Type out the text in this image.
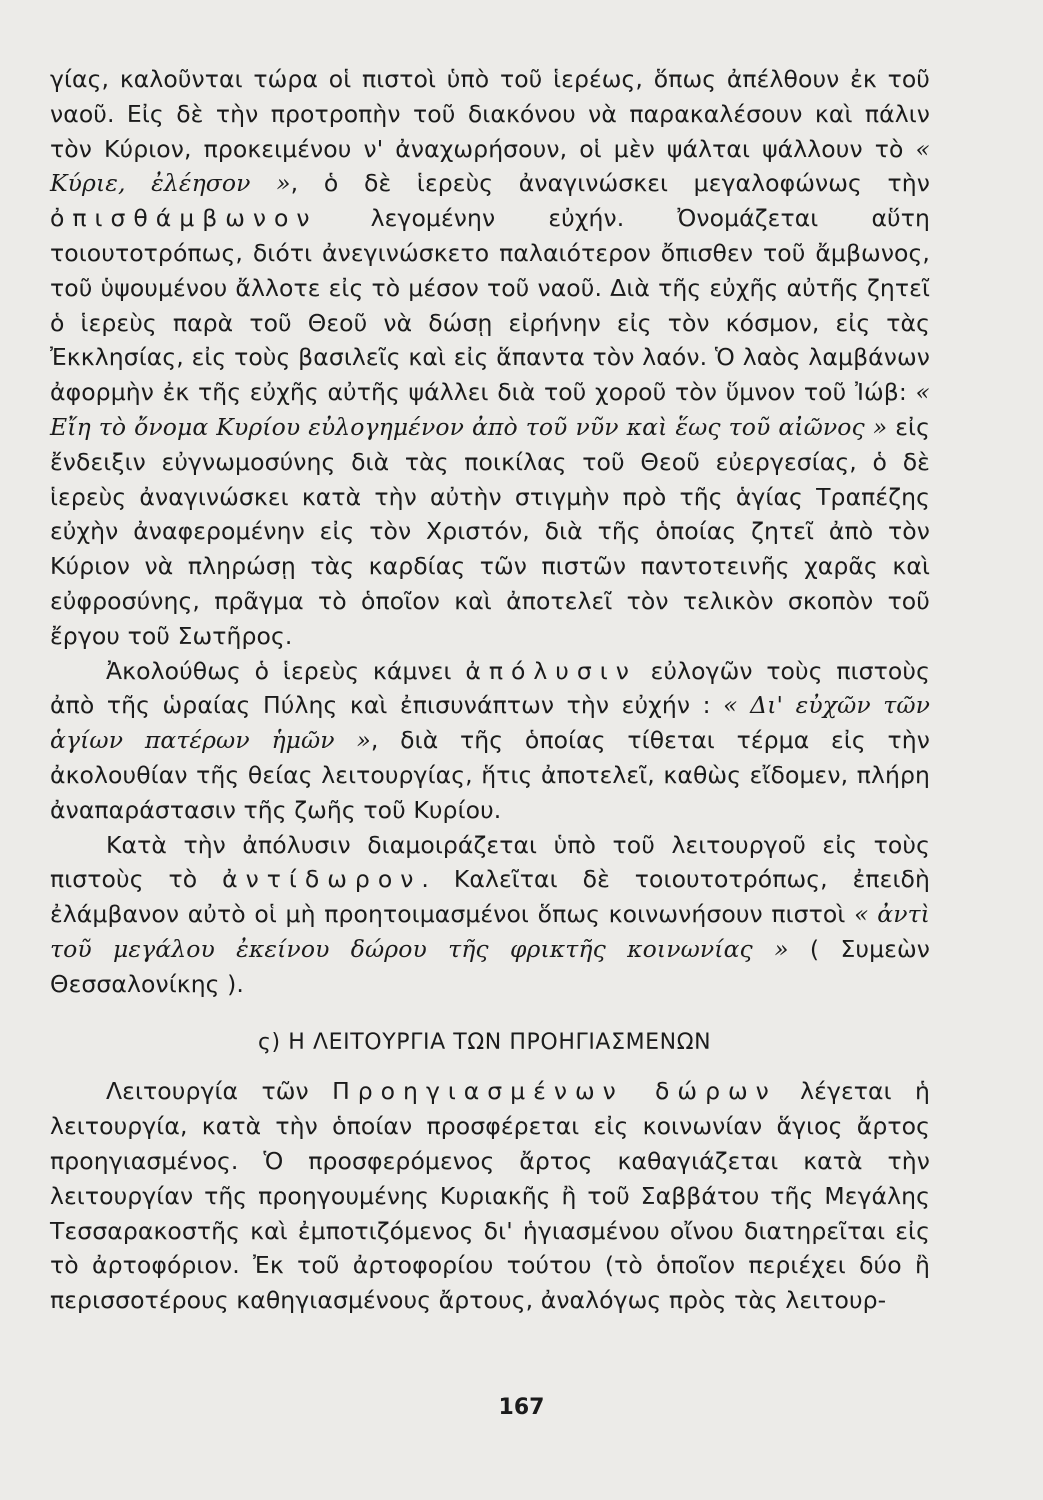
γίας, καλοῦνται τώρα οἱ πιστοὶ ὑπὸ τοῦ ἱερέως, ὅπως ἀπέλθουν ἐκ τοῦ ναοῦ. Εἰς δὲ τὴν προτροπὴν τοῦ διακόνου νὰ παρακαλέσουν καὶ πάλιν τὸν Κύριον, προκειμένου ν' ἀναχωρήσουν, οἱ μὲν ψάλται ψάλλουν τὸ « Κύριε, ἐλέησον », ὁ δὲ ἱερεὺς ἀναγινώσκει μεγαλοφώνως τὴν ὀπισθάμβωνον λεγομένην εὐχήν. Ὀνομάζεται αὕτη τοιουτοτρόπως, διότι ἀνεγινώσκετο παλαιότερον ὄπισθεν τοῦ ἄμβωνος, τοῦ ὑψουμένου ἄλλοτε εἰς τὸ μέσον τοῦ ναοῦ. Διὰ τῆς εὐχῆς αὐτῆς ζητεῖ ὁ ἱερεὺς παρὰ τοῦ Θεοῦ νὰ δώσῃ εἰρήνην εἰς τὸν κόσμον, εἰς τὰς Ἐκκλησίας, εἰς τοὺς βασιλεῖς καὶ εἰς ἅπαντα τὸν λαόν. Ὁ λαὸς λαμβάνων ἀφορμὴν ἐκ τῆς εὐχῆς αὐτῆς ψάλλει διὰ τοῦ χοροῦ τὸν ὕμνον τοῦ Ἰώβ: « Εἴη τὸ ὄνομα Κυρίου εὐλογημένον ἀπὸ τοῦ νῦν καὶ ἕως τοῦ αἰῶνος » εἰς ἔνδειξιν εὐγνωμοσύνης διὰ τὰς ποικίλας τοῦ Θεοῦ εὐεργεσίας, ὁ δὲ ἱερεὺς ἀναγινώσκει κατὰ τὴν αὐτὴν στιγμὴν πρὸ τῆς ἁγίας Τραπέζης εὐχὴν ἀναφερομένην εἰς τὸν Χριστόν, διὰ τῆς ὁποίας ζητεῖ ἀπὸ τὸν Κύριον νὰ πληρώσῃ τὰς καρδίας τῶν πιστῶν παντοτεινῆς χαρᾶς καὶ εὐφροσύνης, πρᾶγμα τὸ ὁποῖον καὶ ἀποτελεῖ τὸν τελικὸν σκοπὸν τοῦ ἔργου τοῦ Σωτῆρος.

Ἀκολούθως ὁ ἱερεὺς κάμνει ἀπόλυσιν εὐλογῶν τοὺς πιστοὺς ἀπὸ τῆς ὡραίας Πύλης καὶ ἐπισυνάπτων τὴν εὐχήν : « Δι' εὐχῶν τῶν ἁγίων πατέρων ἡμῶν », διὰ τῆς ὁποίας τίθεται τέρμα εἰς τὴν ἀκολουθίαν τῆς θείας λειτουργίας, ἥτις ἀποτελεῖ, καθὼς εἴδομεν, πλήρη ἀναπαράστασιν τῆς ζωῆς τοῦ Κυρίου.

Κατὰ τὴν ἀπόλυσιν διαμοιράζεται ὑπὸ τοῦ λειτουργοῦ εἰς τοὺς πιστοὺς τὸ ἀντίδωρον. Καλεῖται δὲ τοιουτοτρόπως, ἐπειδὴ ἐλάμβανον αὐτὸ οἱ μὴ προητοιμασμένοι ὅπως κοινωνήσουν πιστοὶ « ἀντὶ τοῦ μεγάλου ἐκείνου δώρου τῆς φρικτῆς κοινωνίας » ( Συμεὼν Θεσσαλονίκης ).

ς) Η ΛΕΙΤΟΥΡΓΙΑ ΤΩΝ ΠΡΟΗΓΙΑΣΜΕΝΩΝ

Λειτουργία τῶν Προηγιασμένων δώρων λέγεται ἡ λειτουργία, κατὰ τὴν ὁποίαν προσφέρεται εἰς κοινωνίαν ἅγιος ἄρτος προηγιασμένος. Ὁ προσφερόμενος ἄρτος καθαγιάζεται κατὰ τὴν λειτουργίαν τῆς προηγουμένης Κυριακῆς ἢ τοῦ Σαββάτου τῆς Μεγάλης Τεσσαρακοστῆς καὶ ἐμποτιζόμενος δι' ἡγιασμένου οἴνου διατηρεῖται εἰς τὸ ἀρτοφόριον. Ἐκ τοῦ ἀρτοφορίου τούτου (τὸ ὁποῖον περιέχει δύο ἢ περισσοτέρους καθηγιασμένους ἄρτους, ἀναλόγως πρὸς τὰς λειτουρ-

167
